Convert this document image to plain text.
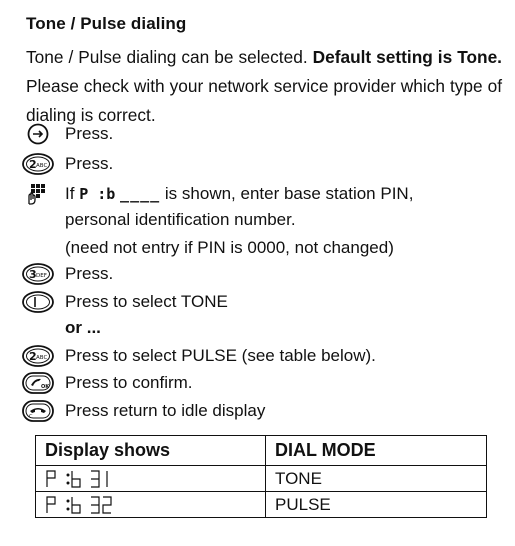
Tone / Pulse dialing
Tone / Pulse dialing can be selected. Default setting is Tone. Please check with your network service provider which type of dialing is correct.
Press.
2 ABC Press.
If P :b ____ is shown, enter base station PIN,
personal identification number.
(need not entry if PIN is 0000, not changed)
3 DEF Press.
Press to select TONE
or ...
2 ABC Press to select PULSE (see table below).
OK Press to confirm.
C Press return to idle display
Display shows	DIAL MODE

	TONE

	PULSE
